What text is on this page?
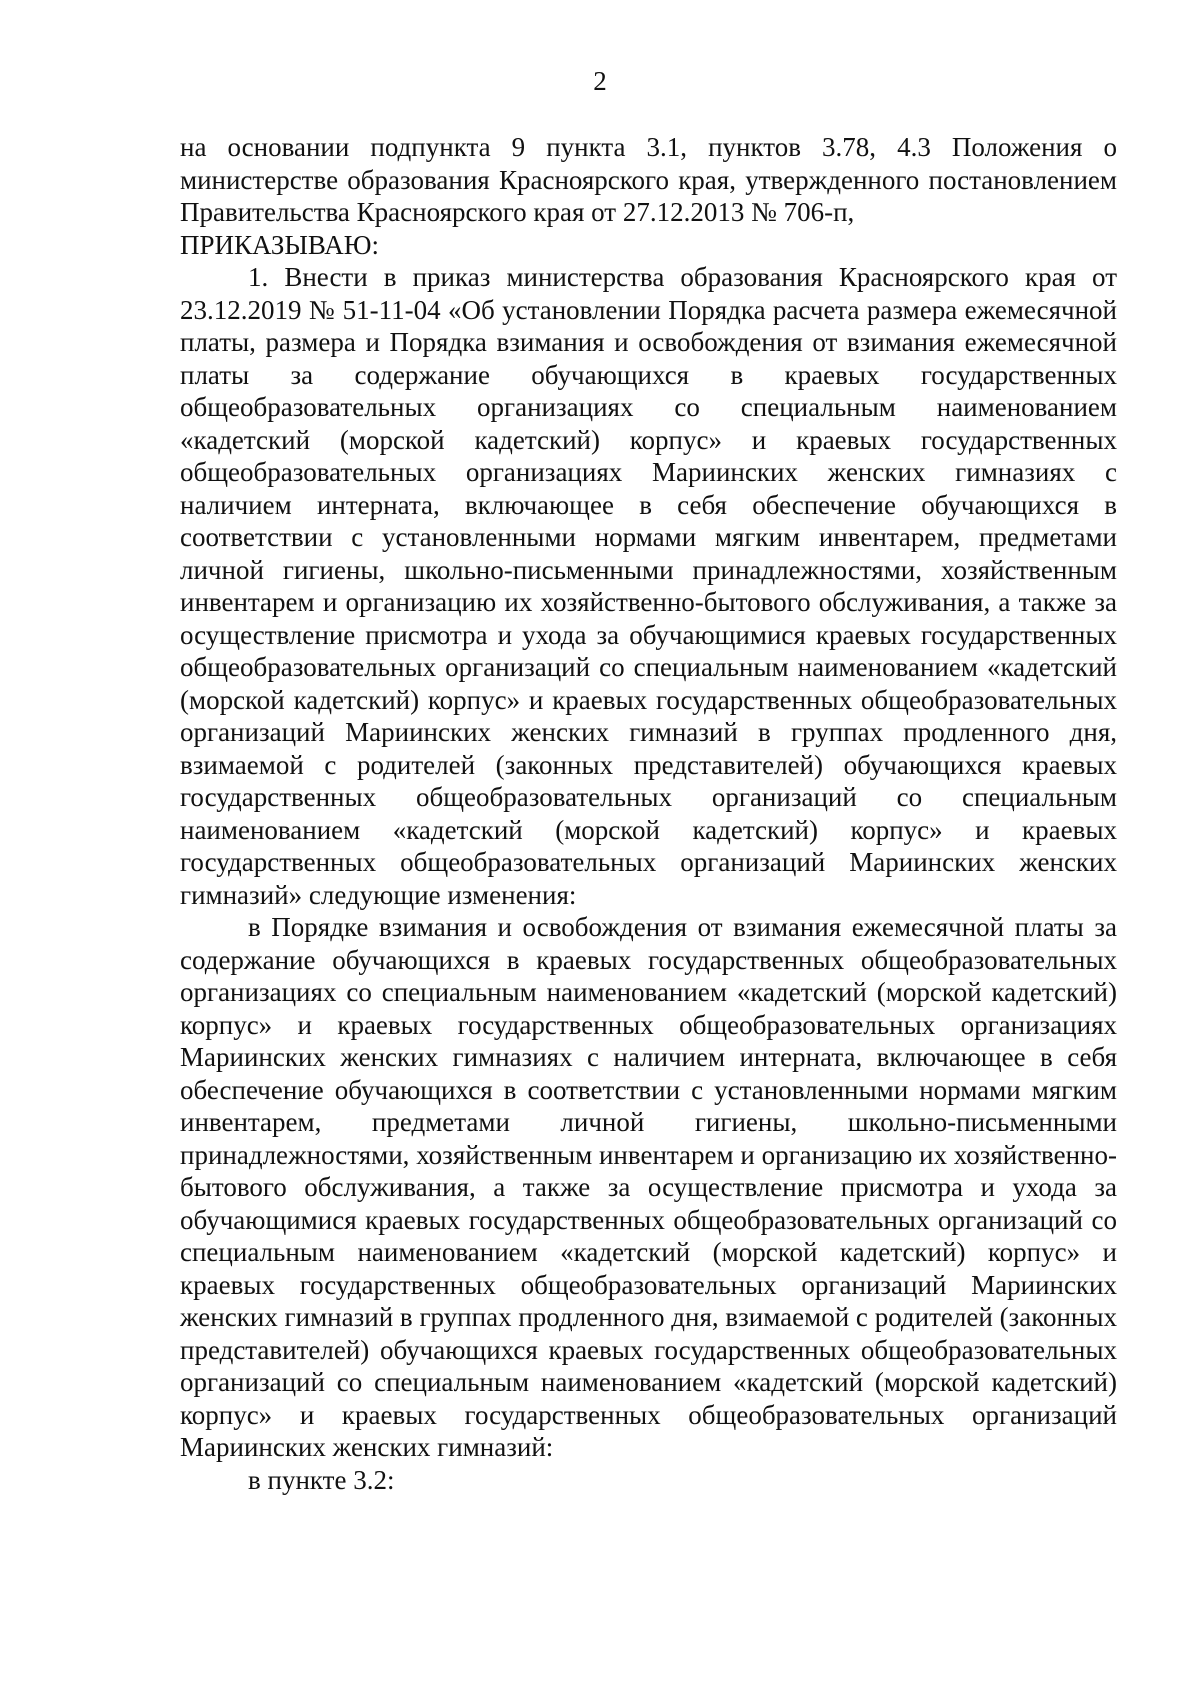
2

на основании подпункта 9 пункта 3.1, пунктов 3.78, 4.3 Положения о министерстве образования Красноярского края, утвержденного постановлением Правительства Красноярского края от 27.12.2013 № 706-п,

ПРИКАЗЫВАЮ:

1. Внести в приказ министерства образования Красноярского края от 23.12.2019 № 51-11-04 «Об установлении Порядка расчета размера ежемесячной платы, размера и Порядка взимания и освобождения от взимания ежемесячной платы за содержание обучающихся в краевых государственных общеобразовательных организациях со специальным наименованием «кадетский (морской кадетский) корпус» и краевых государственных общеобразовательных организациях Мариинских женских гимназиях с наличием интерната, включающее в себя обеспечение обучающихся в соответствии с установленными нормами мягким инвентарем, предметами личной гигиены, школьно-письменными принадлежностями, хозяйственным инвентарем и организацию их хозяйственно-бытового обслуживания, а также за осуществление присмотра и ухода за обучающимися краевых государственных общеобразовательных организаций со специальным наименованием «кадетский (морской кадетский) корпус» и краевых государственных общеобразовательных организаций Мариинских женских гимназий в группах продленного дня, взимаемой с родителей (законных представителей) обучающихся краевых государственных общеобразовательных организаций со специальным наименованием «кадетский (морской кадетский) корпус» и краевых государственных общеобразовательных организаций Мариинских женских гимназий» следующие изменения:

в Порядке взимания и освобождения от взимания ежемесячной платы за содержание обучающихся в краевых государственных общеобразовательных организациях со специальным наименованием «кадетский (морской кадетский) корпус» и краевых государственных общеобразовательных организациях Мариинских женских гимназиях с наличием интерната, включающее в себя обеспечение обучающихся в соответствии с установленными нормами мягким инвентарем, предметами личной гигиены, школьно-письменными принадлежностями, хозяйственным инвентарем и организацию их хозяйственно-бытового обслуживания, а также за осуществление присмотра и ухода за обучающимися краевых государственных общеобразовательных организаций со специальным наименованием «кадетский (морской кадетский) корпус» и краевых государственных общеобразовательных организаций Мариинских женских гимназий в группах продленного дня, взимаемой с родителей (законных представителей) обучающихся краевых государственных общеобразовательных организаций со специальным наименованием «кадетский (морской кадетский) корпус» и краевых государственных общеобразовательных организаций Мариинских женских гимназий:

в пункте 3.2:
